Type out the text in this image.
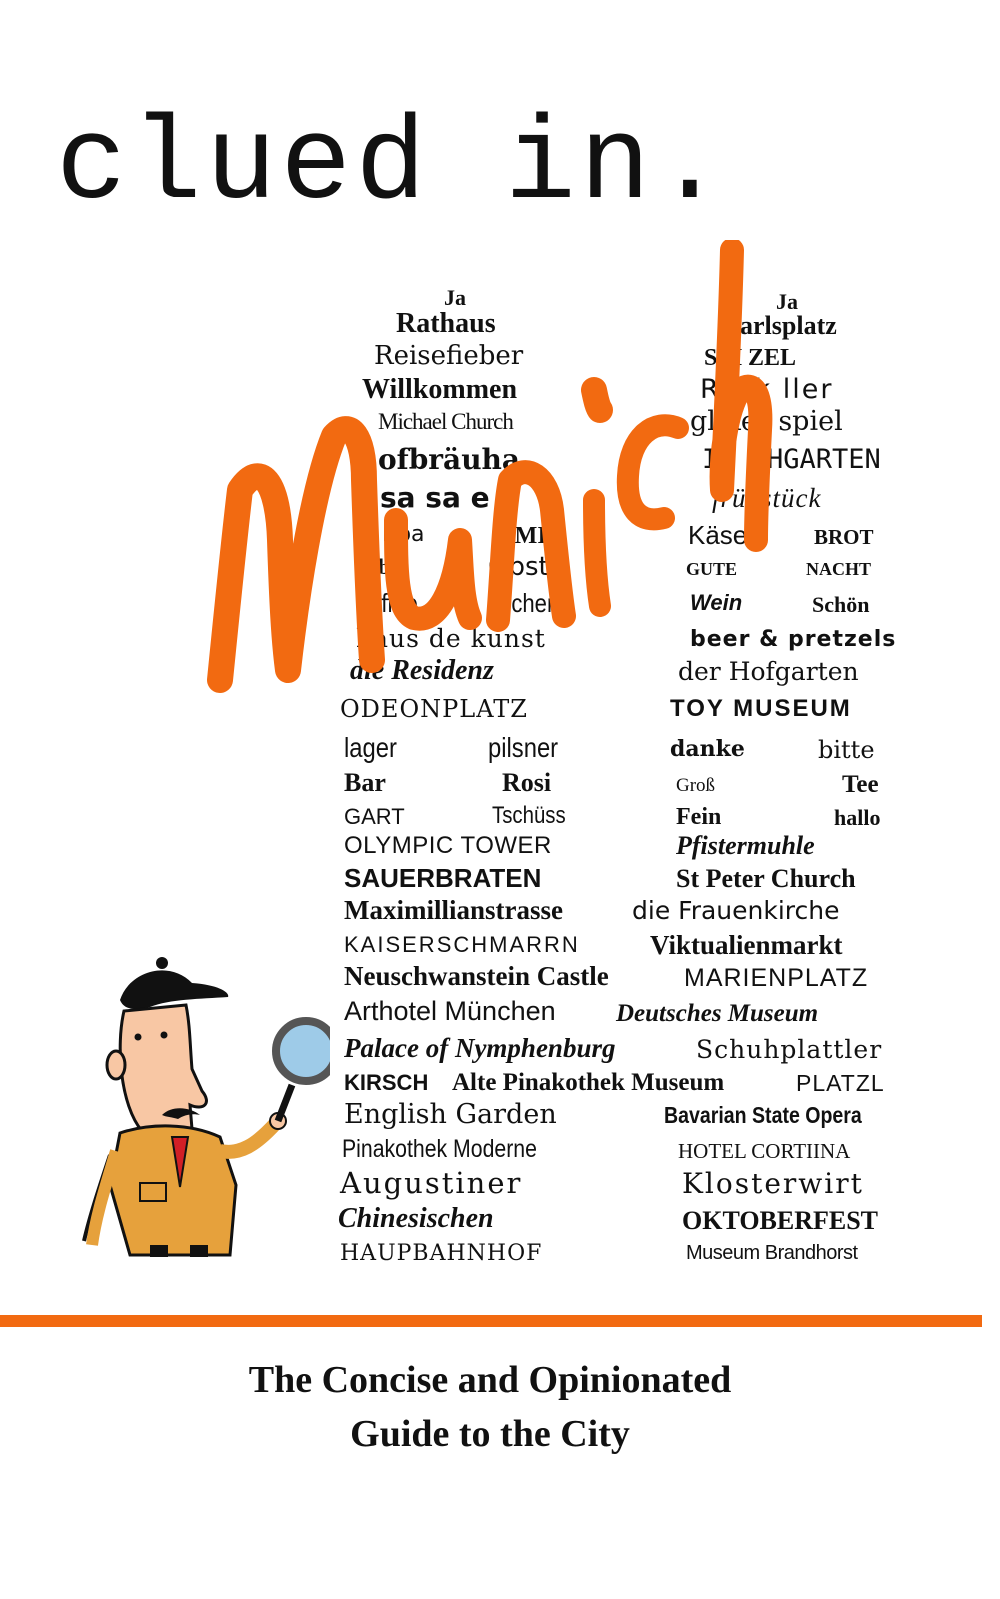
clued in.
Ja
Rathaus
Reisefieber
Willkommen
Michael Church
ofbräuha
sa sa e
Bba	KMI
ibe	Obst
kaffee	kuchen
haus de kunst
die Residenz
ODEONPLATZ
lager	pilsner
Bar	Rosi
GART	Tschüss
OLYMPIC TOWER
SAUERBRATEN
Maximillianstrasse
KAISERSCHMARRN
Neuschwanstein Castle
Arthotel München
Palace of Nymphenburg
KIRSCH Alte Pinakothek Museum
English Garden
Pinakothek Moderne
Augustiner
Chinesischen
HAUPBAHNHOF
Ja
arlsplatz
S H ZEL
R t k ller
gl ker spiel
IR CHGARTEN
frühstück
Käse	BROT
GUTE	NACHT
Wein	Schön
beer & pretzels
der Hofgarten
TOY MUSEUM
danke	bitte
Groß	Tee
Fein	hallo
Pfistermuhle
St Peter Church
die Frauenkirche
Viktualienmarkt
MARIENPLATZ
Deutsches Museum
Schuhplattler
PLATZL
Bavarian State Opera
HOTEL CORTIINA
Klosterwirt
OKTOBERFEST
Museum Brandhorst
The Concise and Opinionated
Guide to the City
